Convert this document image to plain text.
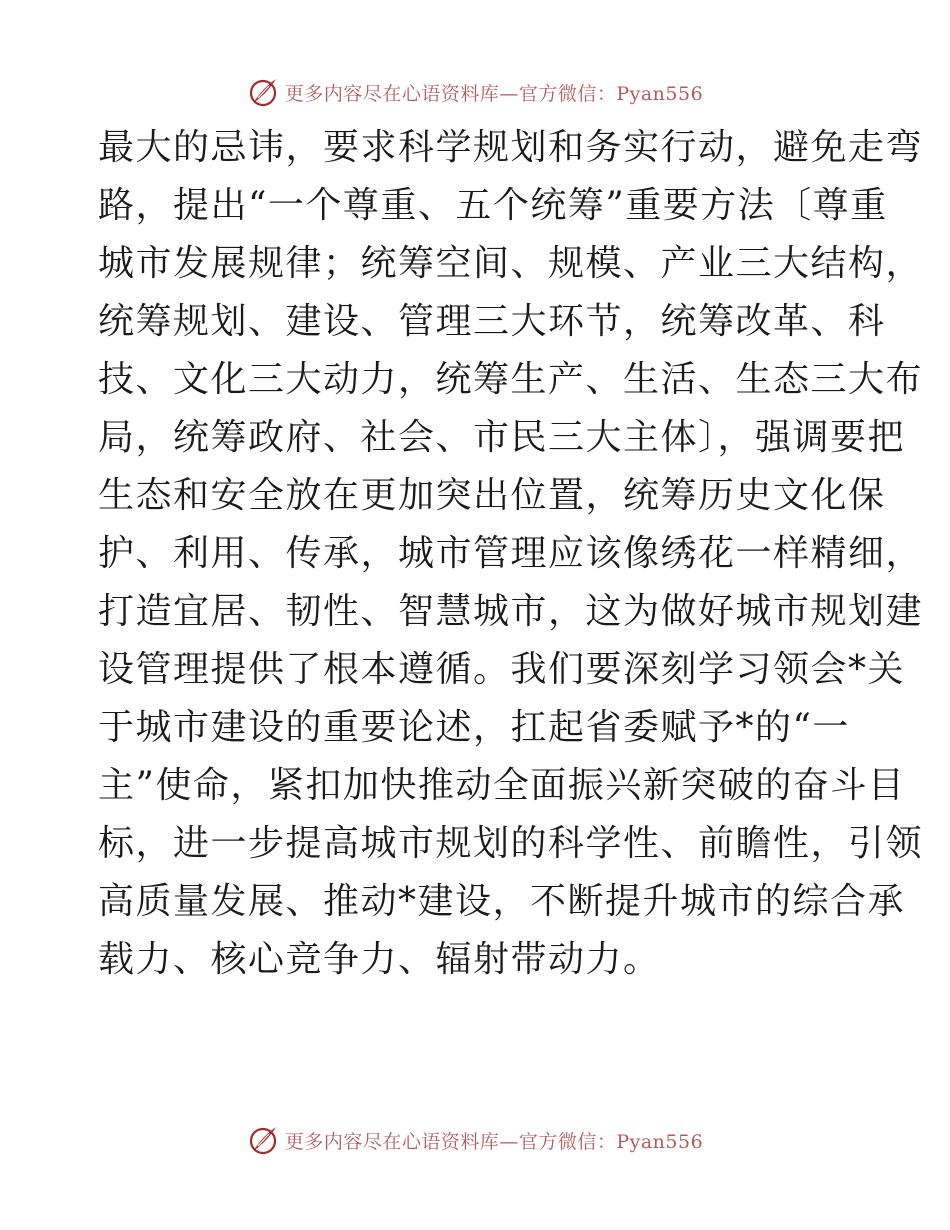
更多内容尽在心语资料库—官方微信：Pyan556
最大的忌讳，要求科学规划和务实行动，避免走弯
路，提出“一个尊重、五个统筹”重要方法〔尊重
城市发展规律；统筹空间、规模、产业三大结构，
统筹规划、建设、管理三大环节，统筹改革、科
技、文化三大动力，统筹生产、生活、生态三大布
局，统筹政府、社会、市民三大主体〕，强调要把
生态和安全放在更加突出位置，统筹历史文化保
护、利用、传承，城市管理应该像绣花一样精细，
打造宜居、韧性、智慧城市，这为做好城市规划建
设管理提供了根本遵循。我们要深刻学习领会*关
于城市建设的重要论述，扛起省委赋予*的“一
主”使命，紧扣加快推动全面振兴新突破的奋斗目
标，进一步提高城市规划的科学性、前瞻性，引领
高质量发展、推动*建设，不断提升城市的综合承
载力、核心竞争力、辐射带动力。
更多内容尽在心语资料库—官方微信：Pyan556
